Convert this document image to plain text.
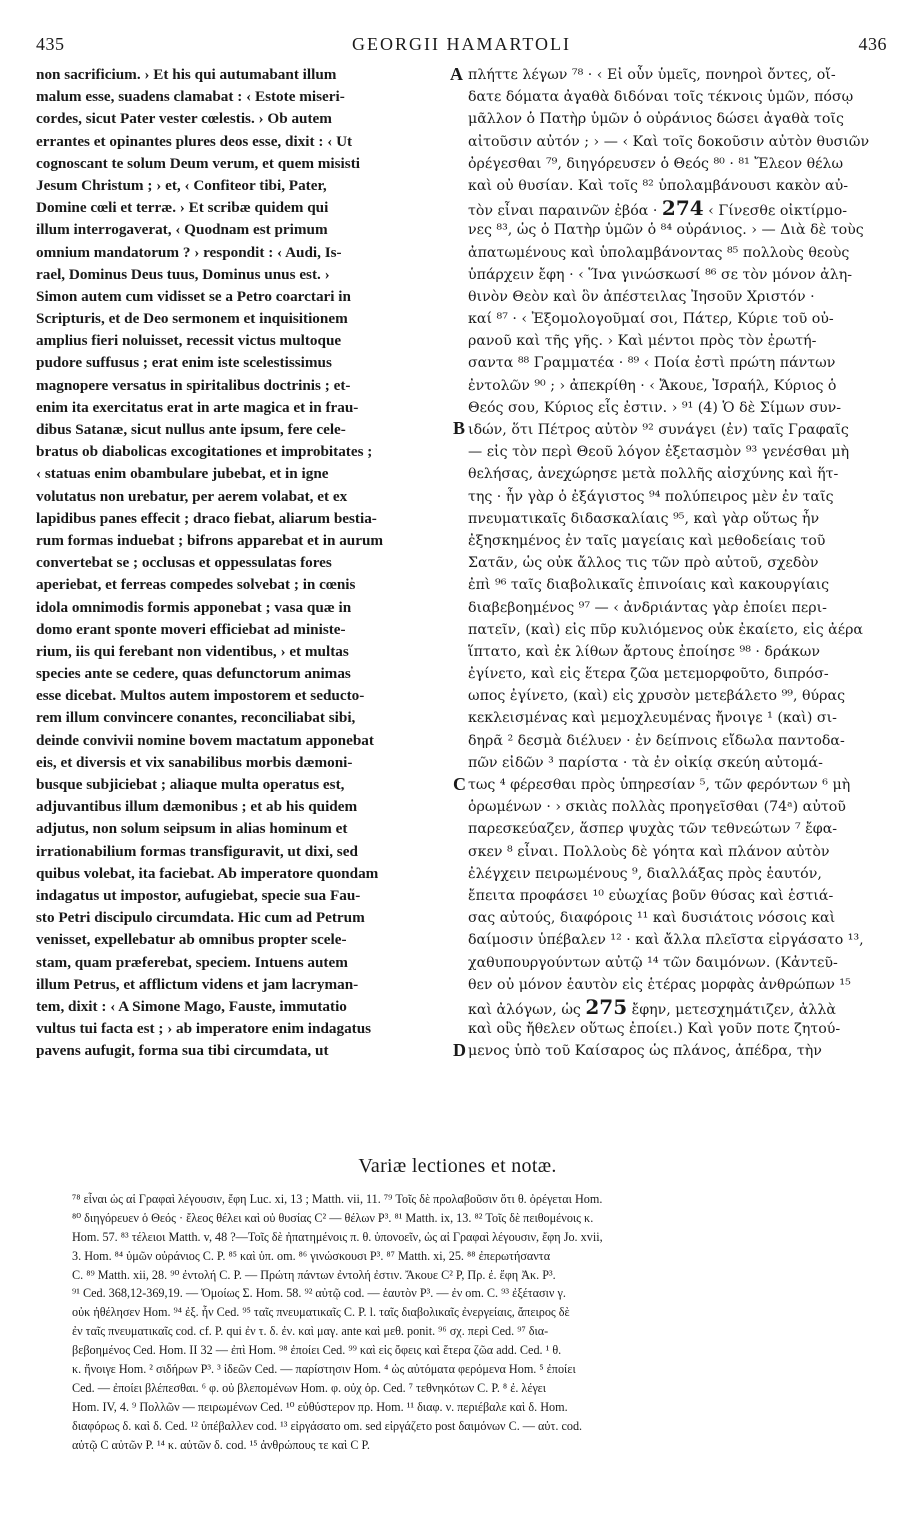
435	GEORGII HAMARTOLI	436
non sacrificium. › Et his qui autumabant illum
malum esse, suadens clamabat : ‹ Estote miseri-
cordes, sicut Pater vester cœlestis. › Ob autem
errantes et opinantes plures deos esse, dixit : ‹ Ut
cognoscant te solum Deum verum, et quem misisti
Jesum Christum ; › et, ‹ Confiteor tibi, Pater,
Domine cœli et terræ. › Et scribæ quidem qui
illum interrogaverat, ‹ Quodnam est primum
omnium mandatorum ? › respondit : ‹ Audi, Is-
rael, Dominus Deus tuus, Dominus unus est. ›
Simon autem cum vidisset se a Petro coarctari in
Scripturis, et de Deo sermonem et inquisitionem
amplius fieri noluisset, recessit victus multoque
pudore suffusus ; erat enim iste scelestissimus
magnopere versatus in spiritalibus doctrinis ; et-
enim ita exercitatus erat in arte magica et in frau-
dibus Satanæ, sicut nullus ante ipsum, fere cele-
bratus ob diabolicas excogitationes et improbitates ;
‹ statuas enim obambulare jubebat, et in igne
volutatus non urebatur, per aerem volabat, et ex
lapidibus panes effecit ; draco fiebat, aliarum bestia-
rum formas induebat ; bifrons apparebat et in aurum
convertebat se ; occlusas et oppessulatas fores
aperiebat, et ferreas compedes solvebat ; in cœnis
idola omnimodis formis apponebat ; vasa quæ in
domo erant sponte moveri efficiebat ad ministe-
rium, iis qui ferebant non videntibus, › et multas
species ante se cedere, quas defunctorum animas
esse dicebat. Multos autem impostorem et seducto-
rem illum convincere conantes, reconciliabat sibi,
deinde convivii nomine bovem mactatum apponebat
eis, et diversis et vix sanabilibus morbis dæmoni-
busque subjiciebat ; aliaque multa operatus est,
adjuvantibus illum dæmonibus ; et ab his quidem
adjutus, non solum seipsum in alias hominum et
irrationabilium formas transfiguravit, ut dixi, sed
quibus volebat, ita faciebat. Ab imperatore quondam
indagatus ut impostor, aufugiebat, specie sua Fau-
sto Petri discipulo circumdata. Hic cum ad Petrum
venisset, expellebatur ab omnibus propter scele-
stam, quam præferebat, speciem. Intuens autem
illum Petrus, et afflictum videns et jam lacryman-
tem, dixit : ‹ A Simone Mago, Fauste, immutatio
vultus tui facta est ; › ab imperatore enim indagatus
pavens aufugit, forma sua tibi circumdata, ut
A
B
C
D
πλήττε λέγων ⁷⁸ · ‹ Εἰ οὖν ὑμεῖς, πονηροὶ ὄντες, οἴ-
δατε δόματα ἀγαθὰ διδόναι τοῖς τέκνοις ὑμῶν, πόσῳ
μᾶλλον ὁ Πατὴρ ὑμῶν ὁ οὐράνιος δώσει ἀγαθὰ τοῖς
αἰτοῦσιν αὐτόν ; › — ‹ Καὶ τοῖς δοκοῦσιν αὐτὸν θυσιῶν
ὀρέγεσθαι ⁷⁹, διηγόρευσεν ὁ Θεός ⁸⁰ · ⁸¹ Ἔλεον θέλω
καὶ οὐ θυσίαν. Καὶ τοῖς ⁸² ὑπολαμβάνουσι κακὸν αὐ-
τὸν εἶναι παραινῶν ἐβόα · 274 ‹ Γίνεσθε οἰκτίρμο-
νες ⁸³, ὡς ὁ Πατὴρ ὑμῶν ὁ ⁸⁴ οὐράνιος. › — Διὰ δὲ τοὺς
ἀπατωμένους καὶ ὑπολαμβάνοντας ⁸⁵ πολλοὺς θεοὺς
ὑπάρχειν ἔφη · ‹ Ἵνα γινώσκωσί ⁸⁶ σε τὸν μόνον ἀλη-
θινὸν Θεὸν καὶ ὃν ἀπέστειλας Ἰησοῦν Χριστόν ·
καί ⁸⁷ · ‹ Ἐξομολογοῦμαί σοι, Πάτερ, Κύριε τοῦ οὐ-
ρανοῦ καὶ τῆς γῆς. › Καὶ μέντοι πρὸς τὸν ἐρωτή-
σαντα ⁸⁸ Γραμματέα · ⁸⁹ ‹ Ποία ἐστὶ πρώτη πάντων
ἐντολῶν ⁹⁰ ; › ἀπεκρίθη · ‹ Ἄκουε, Ἰσραήλ, Κύριος ὁ
Θεός σου, Κύριος εἷς ἐστιν. › ⁹¹ (4) Ὁ δὲ Σίμων συν-
ιδών, ὅτι Πέτρος αὐτὸν ⁹² συνάγει (ἐν) ταῖς Γραφαῖς
— εἰς τὸν περὶ Θεοῦ λόγον ἐξετασμὸν ⁹³ γενέσθαι μὴ
θελήσας, ἀνεχώρησε μετὰ πολλῆς αἰσχύνης καὶ ἥτ-
της · ἦν γὰρ ὁ ἐξάγιστος ⁹⁴ πολύπειρος μὲν ἐν ταῖς
πνευματικαῖς διδασκαλίαις ⁹⁵, καὶ γὰρ οὕτως ἦν
ἐξησκημένος ἐν ταῖς μαγείαις καὶ μεθοδείαις τοῦ
Σατᾶν, ὡς οὐκ ἄλλος τις τῶν πρὸ αὐτοῦ, σχεδὸν
ἐπὶ ⁹⁶ ταῖς διαβολικαῖς ἐπινοίαις καὶ κακουργίαις
διαβεβοημένος ⁹⁷ — ‹ ἀνδριάντας γὰρ ἐποίει περι-
πατεῖν, (καὶ) εἰς πῦρ κυλιόμενος οὐκ ἐκαίετο, εἰς ἀέρα
ἵπτατο, καὶ ἐκ λίθων ἄρτους ἐποίησε ⁹⁸ · δράκων
ἐγίνετο, καὶ εἰς ἕτερα ζῶα μετεμορφοῦτο, διπρόσ-
ωπος ἐγίνετο, (καὶ) εἰς χρυσὸν μετεβάλετο ⁹⁹, θύρας
κεκλεισμένας καὶ μεμοχλευμένας ἤνοιγε ¹ (καὶ) σι-
δηρᾶ ² δεσμὰ διέλυεν · ἐν δείπνοις εἴδωλα παντοδα-
πῶν εἰδῶν ³ παρίστα · τὰ ἐν οἰκίᾳ σκεύη αὐτομά-
τως ⁴ φέρεσθαι πρὸς ὑπηρεσίαν ⁵, τῶν φερόντων ⁶ μὴ
ὁρωμένων · › σκιὰς πολλὰς προηγεῖσθαι (74ᵃ) αὐτοῦ
παρεσκεύαζεν, ἅσπερ ψυχὰς τῶν τεθνεώτων ⁷ ἔφα-
σκεν ⁸ εἶναι. Πολλοὺς δὲ γόητα καὶ πλάνον αὐτὸν
ἐλέγχειν πειρωμένους ⁹, διαλλάξας πρὸς ἑαυτόν,
ἔπειτα προφάσει ¹⁰ εὐωχίας βοῦν θύσας καὶ ἑστιά-
σας αὐτούς, διαφόροις ¹¹ καὶ δυσιάτοις νόσοις καὶ
δαίμοσιν ὑπέβαλεν ¹² · καὶ ἄλλα πλεῖστα εἰργάσατο ¹³,
χαθυπουργούντων αὐτῷ ¹⁴ τῶν δαιμόνων. (Κἀντεῦ-
θεν οὐ μόνον ἑαυτὸν εἰς ἑτέρας μορφὰς ἀνθρώπων ¹⁵
καὶ ἀλόγων, ὡς 275 ἔφην, μετεσχημάτιζεν, ἀλλὰ
καὶ οὓς ἤθελεν οὕτως ἐποίει.) Καὶ γοῦν ποτε ζητού-
μενος ὑπὸ τοῦ Καίσαρος ὡς πλάνος, ἀπέδρα, τὴν
Variæ lectiones et notæ.
⁷⁸ εἶναι ὡς αἱ Γραφαὶ λέγουσιν, ἔφη Luc. xi, 13 ; Matth. vii, 11. ⁷⁹ Τοῖς δὲ προλαβοῦσιν ὅτι θ. ὀρέγεται Hom.
⁸⁰ διηγόρευεν ὁ Θεός · ἔλεος θέλει καὶ οὐ θυσίας C² — θέλων P³. ⁸¹ Matth. ix, 13. ⁸² Τοῖς δὲ πειθομένοις κ.
Hom. 57. ⁸³ τέλειοι Matth. v, 48 ?—Τοῖς δὲ ἠπατημένοις π. θ. ὑπονοεῖν, ὡς αἱ Γραφαὶ λέγουσιν, ἔφη Jo. xvii,
3. Hom. ⁸⁴ ὑμῶν οὐράνιος C. P. ⁸⁵ καὶ ὑπ. om. ⁸⁶ γινώσκουσι P³. ⁸⁷ Matth. xi, 25. ⁸⁸ ἐπερωτήσαντα
C. ⁸⁹ Matth. xii, 28. ⁹⁰ ἐντολή C. P. — Πρώτη πάντων ἐντολή ἐστιν. Ἄκουε C² P, Πρ. ἐ. ἔφη Ἀκ. P³.
⁹¹ Ced. 368,12-369,19. — Ὁμοίως Σ. Hom. 58. ⁹² αὐτῷ cod. — ἑαυτὸν P³. — ἐν om. C. ⁹³ ἐξέτασιν γ.
οὐκ ἠθέλησεν Hom. ⁹⁴ ἐξ. ἦν Ced. ⁹⁵ ταῖς πνευματικαῖς C. P. l. ταῖς διαβολικαῖς ἐνεργείαις, ἄπειρος δὲ
ἐν ταῖς πνευματικαῖς cod. cf. P. qui ἐν τ. δ. ἐν. καὶ μαγ. ante καὶ μεθ. ponit. ⁹⁶ σχ. περὶ Ced. ⁹⁷ δια-
βεβοημένος Ced. Hom. II 32 — ἐπὶ Hom. ⁹⁸ ἐποίει Ced. ⁹⁹ καὶ εἰς ὄφεις καὶ ἕτερα ζῶα add. Ced. ¹ θ.
κ. ἤνοιγε Hom. ² σιδήρων P³. ³ ἰδεῶν Ced. — παρίστησιν Hom. ⁴ ὡς αὐτόματα φερόμενα Hom. ⁵ ἐποίει
Ced. — ἐποίει βλέπεσθαι. ⁶ φ. οὐ βλεπομένων Hom. φ. οὐχ ὁρ. Ced. ⁷ τεθνηκότων C. P. ⁸ ἐ. λέγει
Hom. IV, 4. ⁹ Πολλῶν — πειρωμένων Ced. ¹⁰ εὐθύστερον πρ. Hom. ¹¹ διαφ. ν. περιέβαλε καὶ δ. Hom.
διαφόρως δ. καὶ δ. Ced. ¹² ὑπέβαλλεν cod. ¹³ εἰργάσατο om. sed εἰργάζετο post δαιμόνων C. — αὐτ. cod.
αὐτῷ C αὐτῶν P. ¹⁴ κ. αὐτῶν δ. cod. ¹⁵ ἀνθρώπους τε καὶ C P.
